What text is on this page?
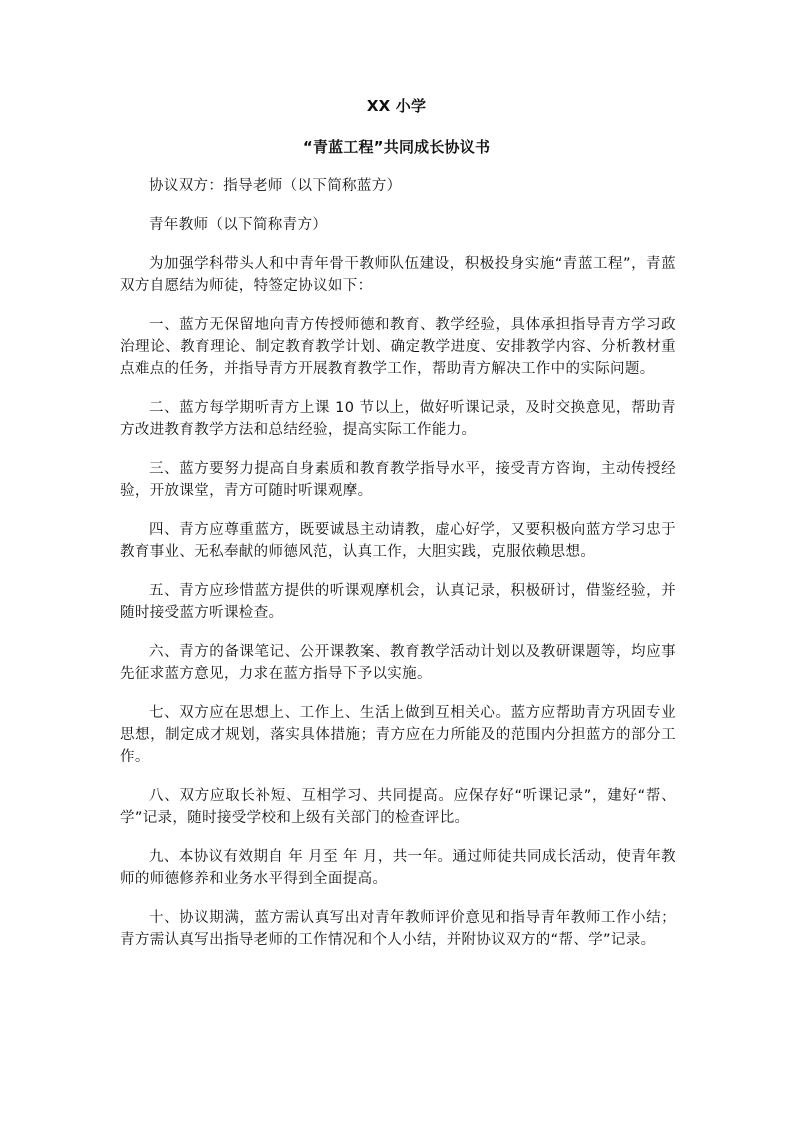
XX 小学
“青蓝工程”共同成长协议书

协议双方：指导老师（以下简称蓝方）

青年教师（以下简称青方）

为加强学科带头人和中青年骨干教师队伍建设，积极投身实施“青蓝工程”，青蓝双方自愿结为师徒，特签定协议如下：

一、蓝方无保留地向青方传授师德和教育、教学经验，具体承担指导青方学习政治理论、教育理论、制定教育教学计划、确定教学进度、安排教学内容、分析教材重点难点的任务，并指导青方开展教育教学工作，帮助青方解决工作中的实际问题。

二、蓝方每学期听青方上课 10 节以上，做好听课记录，及时交换意见，帮助青方改进教育教学方法和总结经验，提高实际工作能力。

三、蓝方要努力提高自身素质和教育教学指导水平，接受青方咨询，主动传授经验，开放课堂，青方可随时听课观摩。

四、青方应尊重蓝方，既要诚恳主动请教，虚心好学，又要积极向蓝方学习忠于教育事业、无私奉献的师德风范，认真工作，大胆实践，克服依赖思想。

五、青方应珍惜蓝方提供的听课观摩机会，认真记录，积极研讨，借鉴经验，并随时接受蓝方听课检查。

六、青方的备课笔记、公开课教案、教育教学活动计划以及教研课题等，均应事先征求蓝方意见，力求在蓝方指导下予以实施。

七、双方应在思想上、工作上、生活上做到互相关心。蓝方应帮助青方巩固专业思想，制定成才规划，落实具体措施；青方应在力所能及的范围内分担蓝方的部分工作。

八、双方应取长补短、互相学习、共同提高。应保存好“听课记录”，建好“帮、学”记录，随时接受学校和上级有关部门的检查评比。

九、本协议有效期自 年 月至 年 月，共一年。通过师徒共同成长活动，使青年教师的师德修养和业务水平得到全面提高。

十、协议期满，蓝方需认真写出对青年教师评价意见和指导青年教师工作小结；青方需认真写出指导老师的工作情况和个人小结，并附协议双方的“帮、学”记录。
